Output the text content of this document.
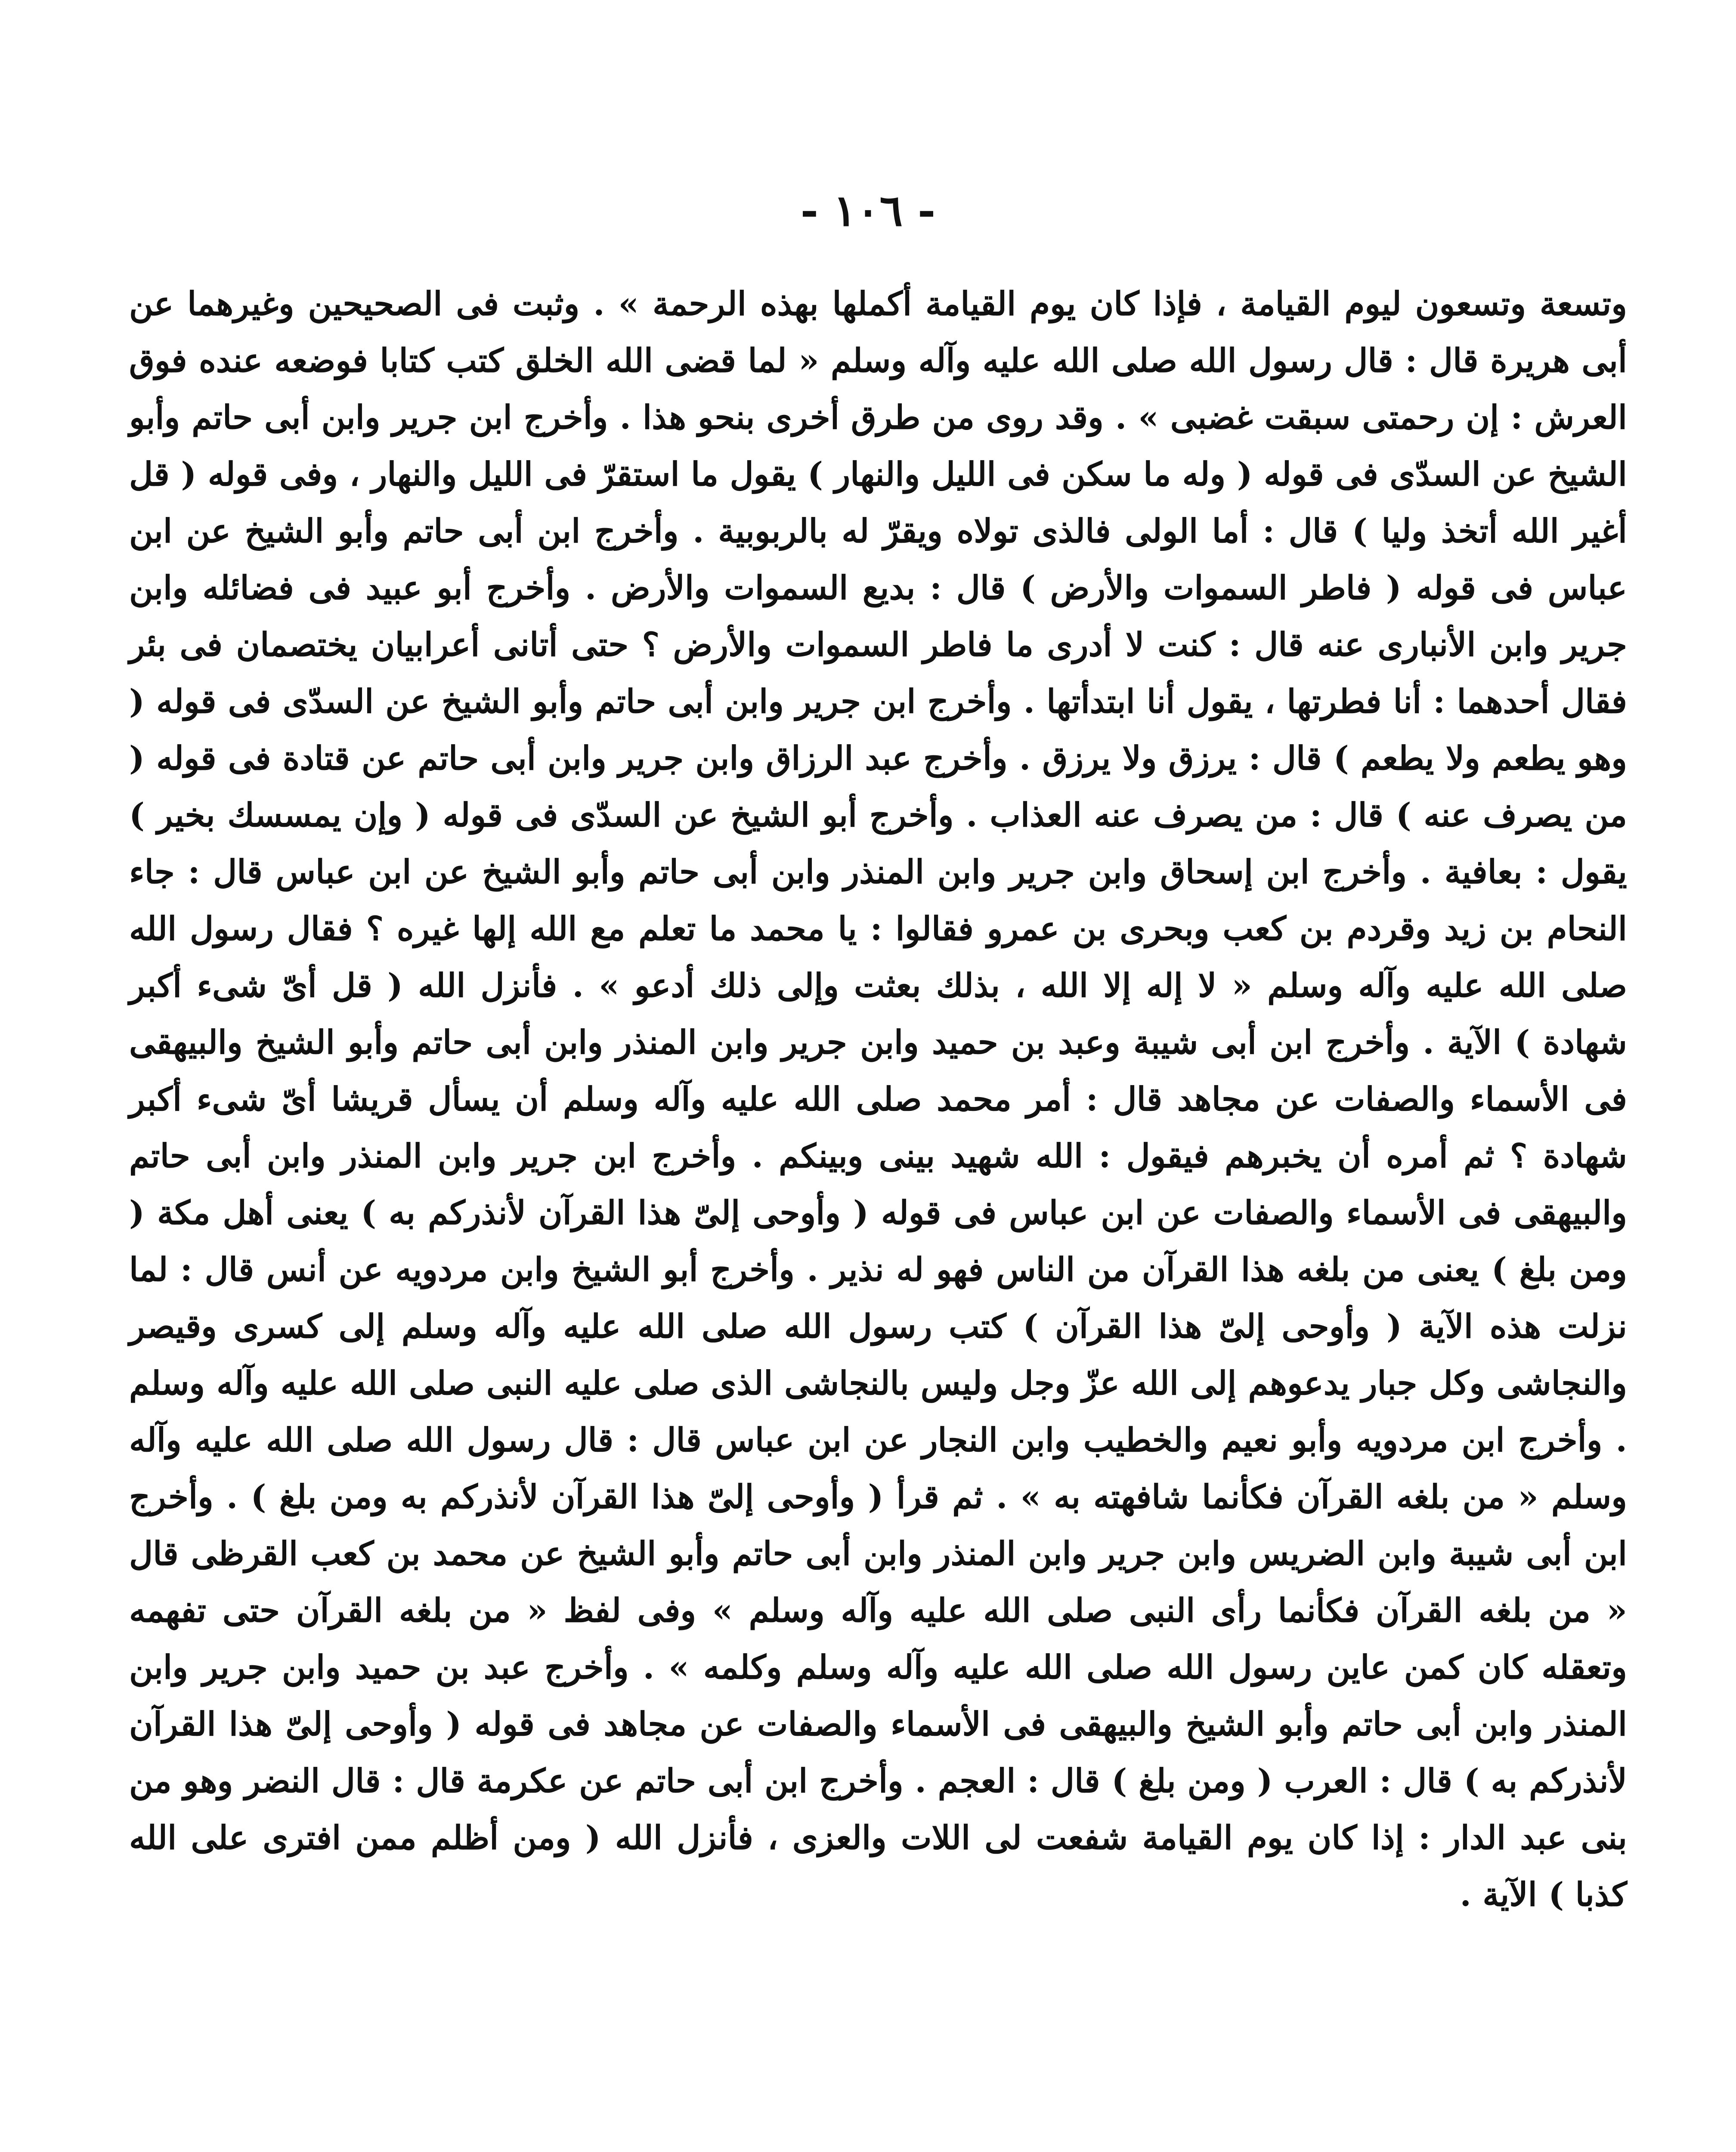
- ١٠٦ -

وتسعة وتسعون ليوم القيامة ، فإذا كان يوم القيامة أكملها بهذه الرحمة » . وثبت فى الصحيحين وغيرهما عن أبى هريرة قال : قال رسول الله صلى الله عليه وآله وسلم « لما قضى الله الخلق كتب كتابا فوضعه عنده فوق العرش : إن رحمتى سبقت غضبى » . وقد روى من طرق أخرى بنحو هذا . وأخرج ابن جرير وابن أبى حاتم وأبو الشيخ عن السدّى فى قوله ( وله ما سكن فى الليل والنهار ) يقول ما استقرّ فى الليل والنهار ، وفى قوله ( قل أغير الله أتخذ وليا ) قال : أما الولى فالذى تولاه ويقرّ له بالربوبية . وأخرج ابن أبى حاتم وأبو الشيخ عن ابن عباس فى قوله ( فاطر السموات والأرض ) قال : بديع السموات والأرض . وأخرج أبو عبيد فى فضائله وابن جرير وابن الأنبارى عنه قال : كنت لا أدرى ما فاطر السموات والأرض ؟ حتى أتانى أعرابيان يختصمان فى بئر فقال أحدهما : أنا فطرتها ، يقول أنا ابتدأتها . وأخرج ابن جرير وابن أبى حاتم وأبو الشيخ عن السدّى فى قوله ( وهو يطعم ولا يطعم ) قال : يرزق ولا يرزق . وأخرج عبد الرزاق وابن جرير وابن أبى حاتم عن قتادة فى قوله ( من يصرف عنه ) قال : من يصرف عنه العذاب . وأخرج أبو الشيخ عن السدّى فى قوله ( وإن يمسسك بخير ) يقول : بعافية . وأخرج ابن إسحاق وابن جرير وابن المنذر وابن أبى حاتم وأبو الشيخ عن ابن عباس قال : جاء النحام بن زيد وقردم بن كعب وبحرى بن عمرو فقالوا : يا محمد ما تعلم مع الله إلها غيره ؟ فقال رسول الله صلى الله عليه وآله وسلم « لا إله إلا الله ، بذلك بعثت وإلى ذلك أدعو » . فأنزل الله ( قل أىّ شىء أكبر شهادة ) الآية . وأخرج ابن أبى شيبة وعبد بن حميد وابن جرير وابن المنذر وابن أبى حاتم وأبو الشيخ والبيهقى فى الأسماء والصفات عن مجاهد قال : أمر محمد صلى الله عليه وآله وسلم أن يسأل قريشا أىّ شىء أكبر شهادة ؟ ثم أمره أن يخبرهم فيقول : الله شهيد بينى وبينكم . وأخرج ابن جرير وابن المنذر وابن أبى حاتم والبيهقى فى الأسماء والصفات عن ابن عباس فى قوله ( وأوحى إلىّ هذا القرآن لأنذركم به ) يعنى أهل مكة ( ومن بلغ ) يعنى من بلغه هذا القرآن من الناس فهو له نذير . وأخرج أبو الشيخ وابن مردويه عن أنس قال : لما نزلت هذه الآية ( وأوحى إلىّ هذا القرآن ) كتب رسول الله صلى الله عليه وآله وسلم إلى كسرى وقيصر والنجاشى وكل جبار يدعوهم إلى الله عزّ وجل وليس بالنجاشى الذى صلى عليه النبى صلى الله عليه وآله وسلم . وأخرج ابن مردويه وأبو نعيم والخطيب وابن النجار عن ابن عباس قال : قال رسول الله صلى الله عليه وآله وسلم « من بلغه القرآن فكأنما شافهته به » . ثم قرأ ( وأوحى إلىّ هذا القرآن لأنذركم به ومن بلغ ) . وأخرج ابن أبى شيبة وابن الضريس وابن جرير وابن المنذر وابن أبى حاتم وأبو الشيخ عن محمد بن كعب القرظى قال « من بلغه القرآن فكأنما رأى النبى صلى الله عليه وآله وسلم » وفى لفظ « من بلغه القرآن حتى تفهمه وتعقله كان كمن عاين رسول الله صلى الله عليه وآله وسلم وكلمه » . وأخرج عبد بن حميد وابن جرير وابن المنذر وابن أبى حاتم وأبو الشيخ والبيهقى فى الأسماء والصفات عن مجاهد فى قوله ( وأوحى إلىّ هذا القرآن لأنذركم به ) قال : العرب ( ومن بلغ ) قال : العجم . وأخرج ابن أبى حاتم عن عكرمة قال : قال النضر وهو من بنى عبد الدار : إذا كان يوم القيامة شفعت لى اللات والعزى ، فأنزل الله ( ومن أظلم ممن افترى على الله كذبا ) الآية .
